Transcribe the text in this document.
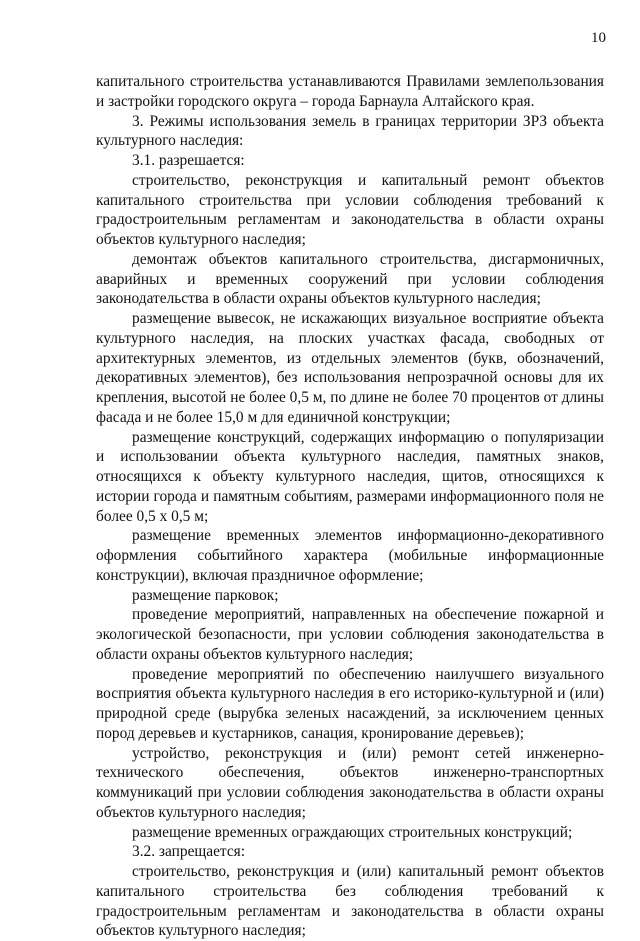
10

капитального строительства устанавливаются Правилами землепользования и застройки городского округа – города Барнаула Алтайского края.

3. Режимы использования земель в границах территории ЗРЗ объекта культурного наследия:

3.1. разрешается:

строительство, реконструкция и капитальный ремонт объектов капитального строительства при условии соблюдения требований к градостроительным регламентам и законодательства в области охраны объектов культурного наследия;

демонтаж объектов капитального строительства, дисгармоничных, аварийных и временных сооружений при условии соблюдения законодательства в области охраны объектов культурного наследия;

размещение вывесок, не искажающих визуальное восприятие объекта культурного наследия, на плоских участках фасада, свободных от архитектурных элементов, из отдельных элементов (букв, обозначений, декоративных элементов), без использования непрозрачной основы для их крепления, высотой не более 0,5 м, по длине не более 70 процентов от длины фасада и не более 15,0 м для единичной конструкции;

размещение конструкций, содержащих информацию о популяризации и использовании объекта культурного наследия, памятных знаков, относящихся к объекту культурного наследия, щитов, относящихся к истории города и памятным событиям, размерами информационного поля не более 0,5 х 0,5 м;

размещение временных элементов информационно-декоративного оформления событийного характера (мобильные информационные конструкции), включая праздничное оформление;

размещение парковок;

проведение мероприятий, направленных на обеспечение пожарной и экологической безопасности, при условии соблюдения законодательства в области охраны объектов культурного наследия;

проведение мероприятий по обеспечению наилучшего визуального восприятия объекта культурного наследия в его историко-культурной и (или) природной среде (вырубка зеленых насаждений, за исключением ценных пород деревьев и кустарников, санация, кронирование деревьев);

устройство, реконструкция и (или) ремонт сетей инженерно-технического обеспечения, объектов инженерно-транспортных коммуникаций при условии соблюдения законодательства в области охраны объектов культурного наследия;

размещение временных ограждающих строительных конструкций;

3.2. запрещается:

строительство, реконструкция и (или) капитальный ремонт объектов капитального строительства без соблюдения требований к градостроительным регламентам и законодательства в области охраны объектов культурного наследия;
